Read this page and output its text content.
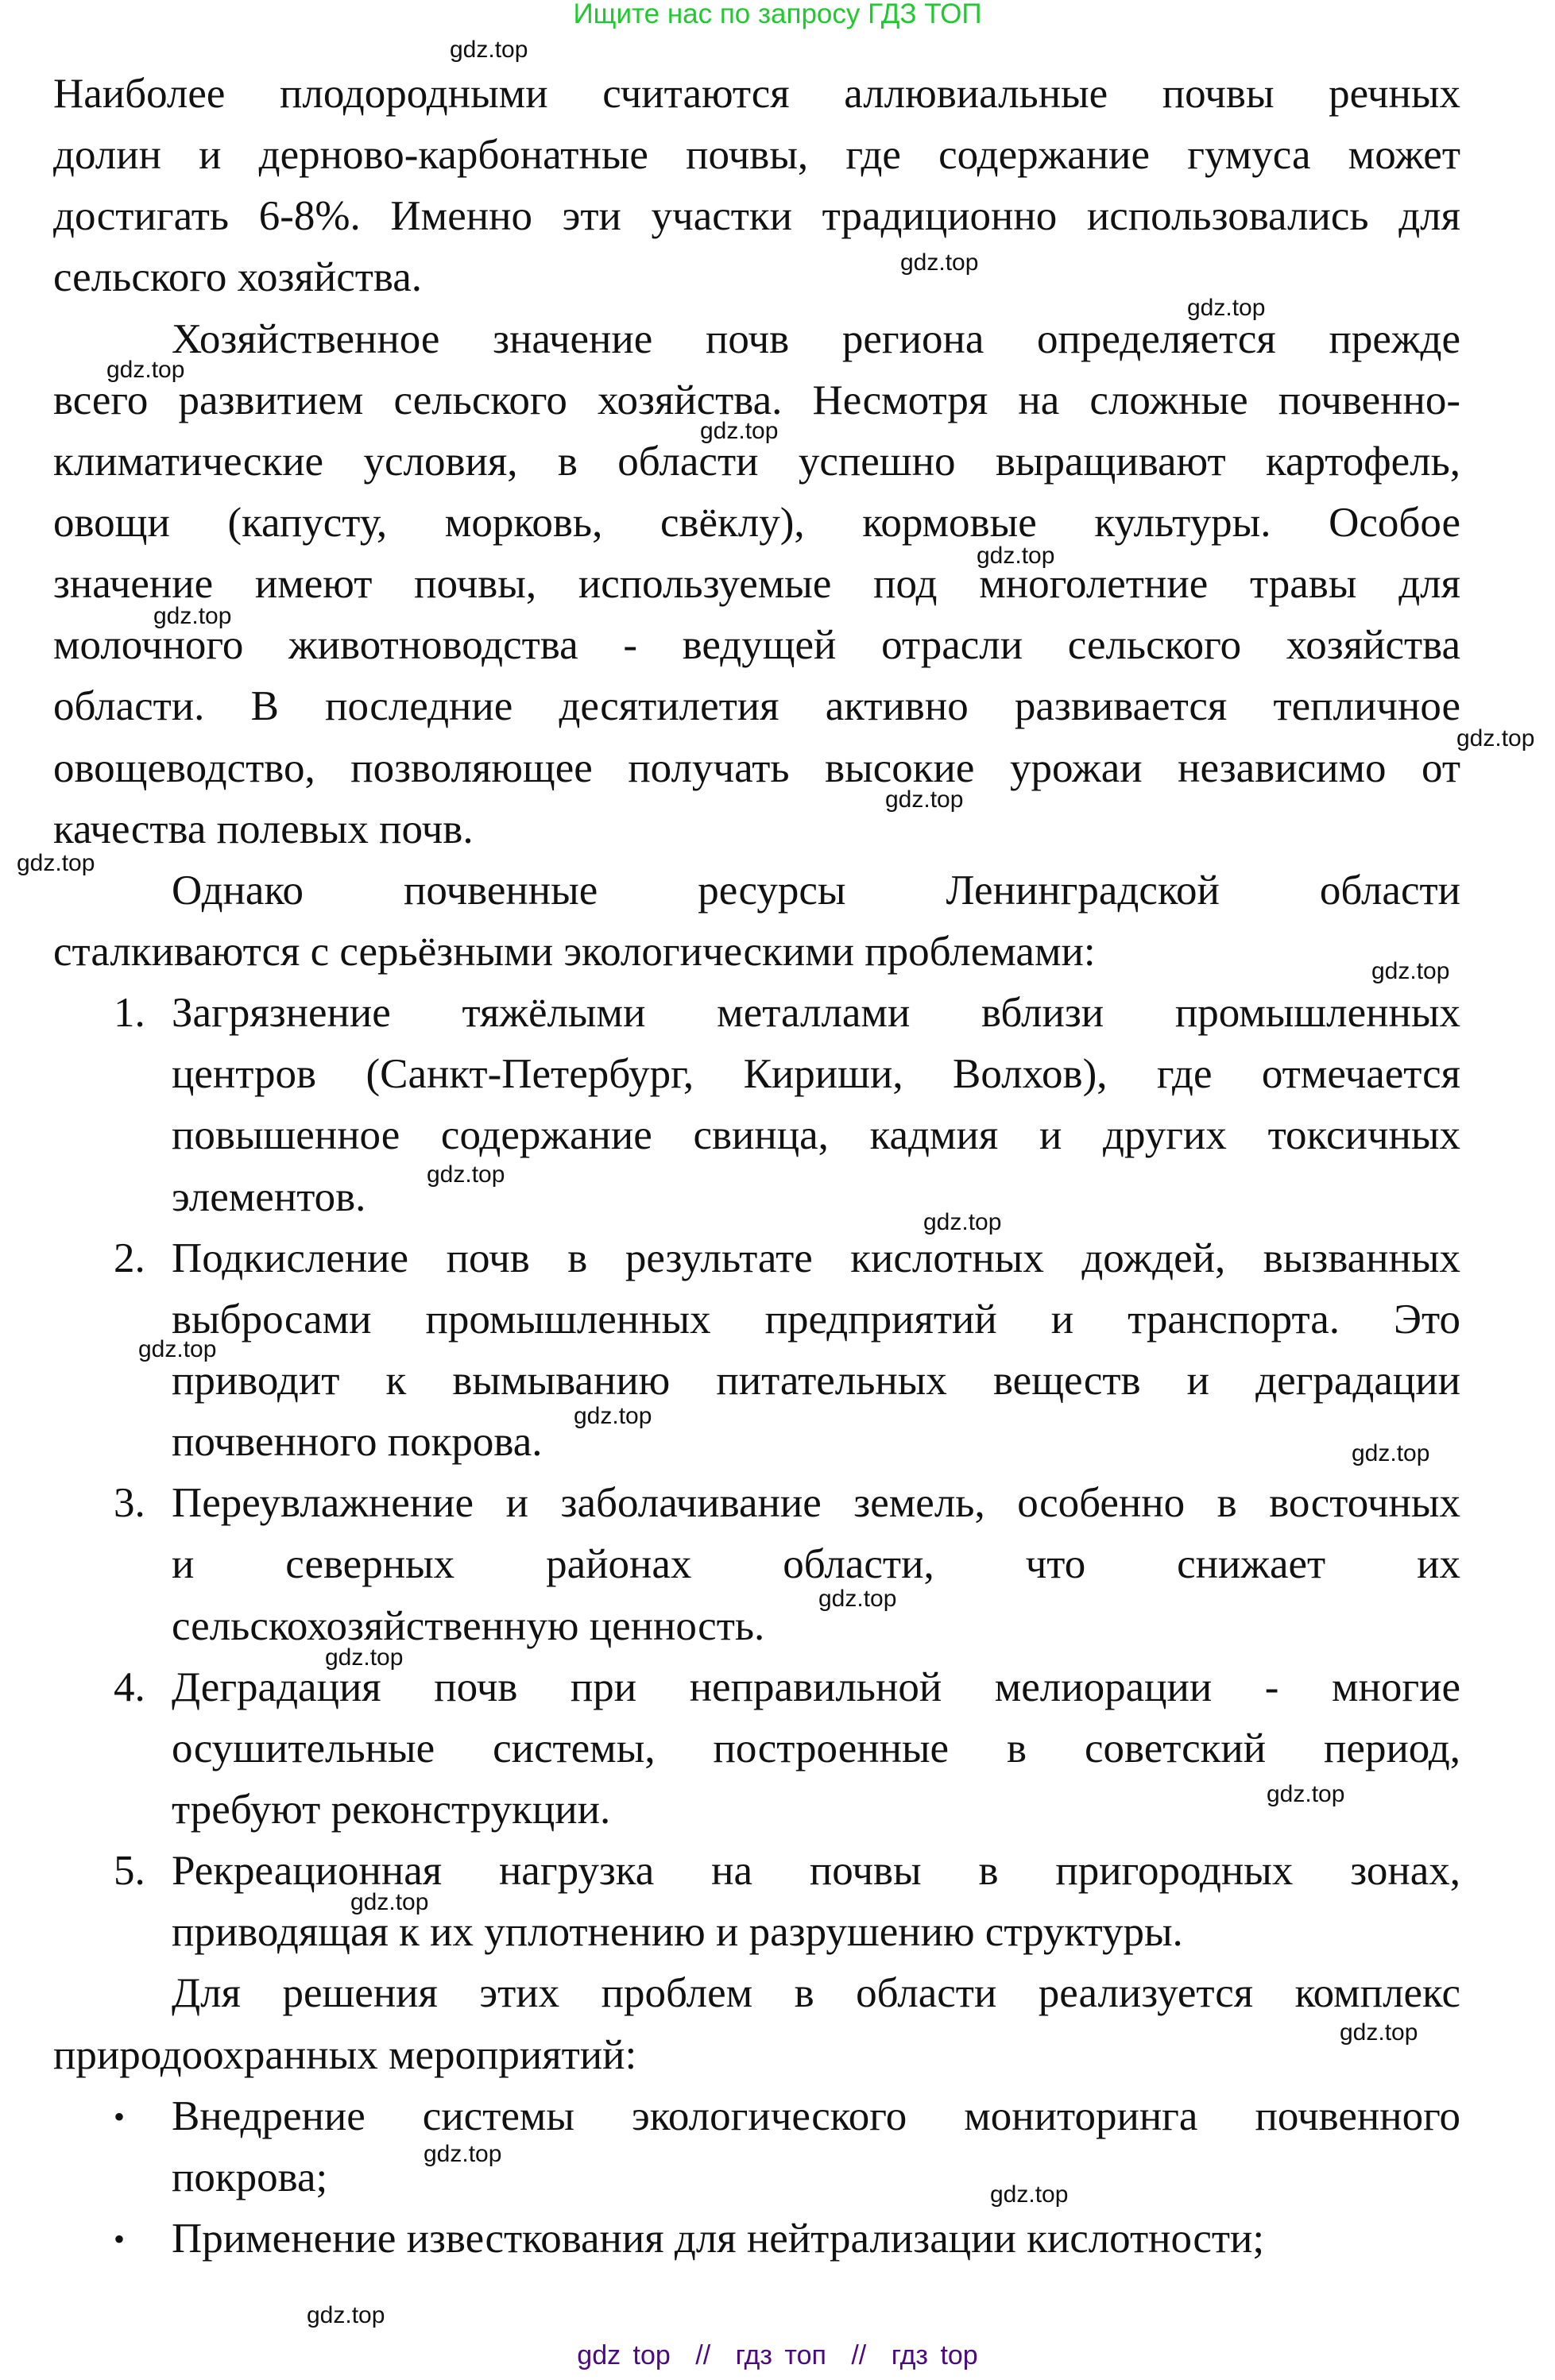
Ищите нас по запросу ГДЗ ТОП
Наиболее плодородными считаются аллювиальные почвы речных
долин и дерново-карбонатные почвы, где содержание гумуса может
достигать 6-8%. Именно эти участки традиционно использовались для
сельского хозяйства.
Хозяйственное значение почв региона определяется прежде
всего развитием сельского хозяйства. Несмотря на сложные почвенно-
климатические условия, в области успешно выращивают картофель,
овощи (капусту, морковь, свёклу), кормовые культуры. Особое
значение имеют почвы, используемые под многолетние травы для
молочного животноводства - ведущей отрасли сельского хозяйства
области. В последние десятилетия активно развивается тепличное
овощеводство, позволяющее получать высокие урожаи независимо от
качества полевых почв.
Однако почвенные ресурсы Ленинградской области
сталкиваются с серьёзными экологическими проблемами:
1. Загрязнение тяжёлыми металлами вблизи промышленных
центров (Санкт-Петербург, Кириши, Волхов), где отмечается
повышенное содержание свинца, кадмия и других токсичных
элементов.
2. Подкисление почв в результате кислотных дождей, вызванных
выбросами промышленных предприятий и транспорта. Это
приводит к вымыванию питательных веществ и деградации
почвенного покрова.
3. Переувлажнение и заболачивание земель, особенно в восточных
и северных районах области, что снижает их
сельскохозяйственную ценность.
4. Деградация почв при неправильной мелиорации - многие
осушительные системы, построенные в советский период,
требуют реконструкции.
5. Рекреационная нагрузка на почвы в пригородных зонах,
приводящая к их уплотнению и разрушению структуры.
Для решения этих проблем в области реализуется комплекс
природоохранных мероприятий:
• Внедрение системы экологического мониторинга почвенного
покрова;
• Применение известкования для нейтрализации кислотности;
gdz.top
gdz.top
gdz.top
gdz.top
gdz.top
gdz.top
gdz.top
gdz.top
gdz.top
gdz.top
gdz.top
gdz.top
gdz.top
gdz.top
gdz.top
gdz.top
gdz.top
gdz.top
gdz.top
gdz.top
gdz.top
gdz.top
gdz.top
gdz.top
gdz top // гдз топ // гдз top
